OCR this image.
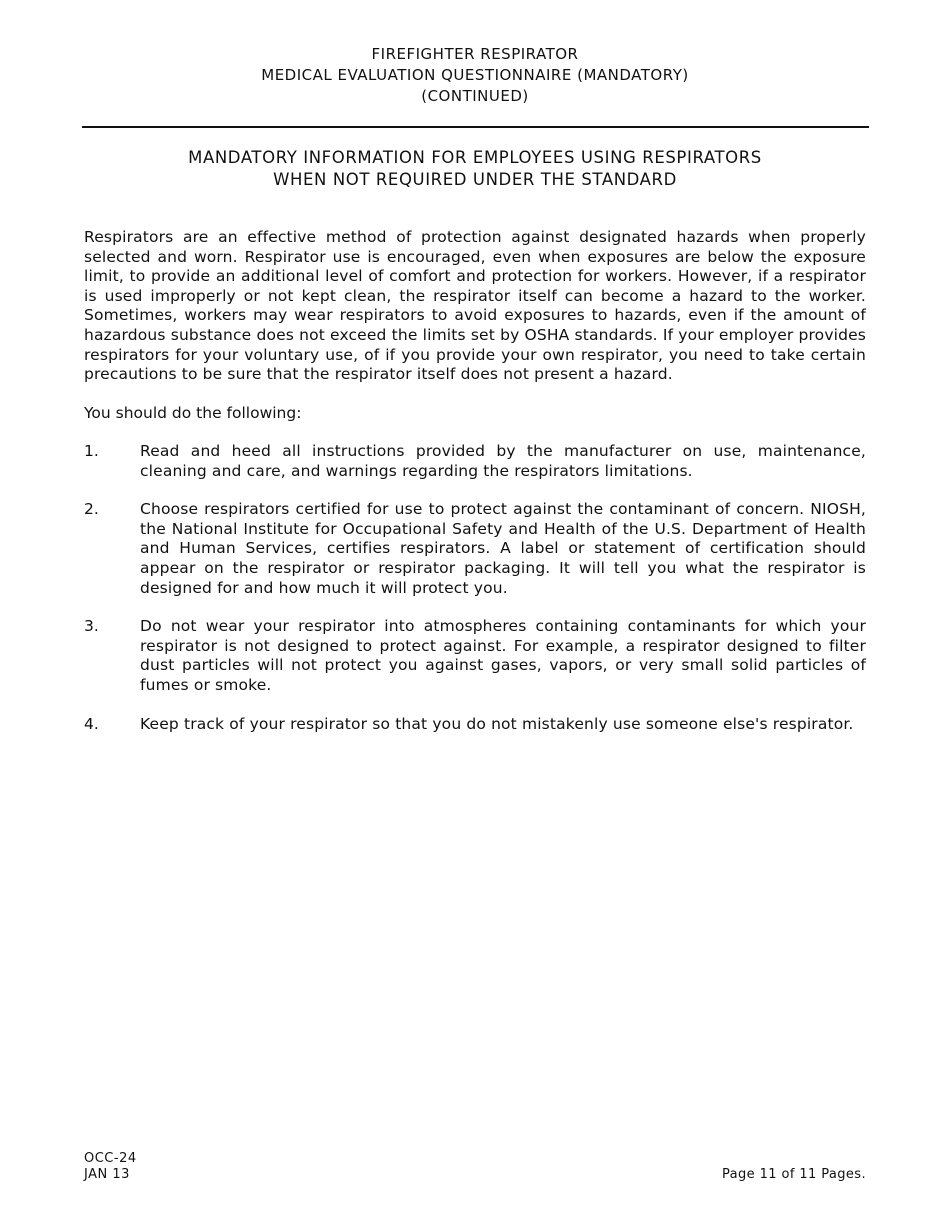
FIREFIGHTER RESPIRATOR
MEDICAL EVALUATION QUESTIONNAIRE (MANDATORY)
(CONTINUED)
MANDATORY INFORMATION FOR EMPLOYEES USING RESPIRATORS
WHEN NOT REQUIRED UNDER THE STANDARD
Respirators are an effective method of protection against designated hazards when properly selected and worn. Respirator use is encouraged, even when exposures are below the exposure limit, to provide an additional level of comfort and protection for workers. However, if a respirator is used improperly or not kept clean, the respirator itself can become a hazard to the worker. Sometimes, workers may wear respirators to avoid exposures to hazards, even if the amount of hazardous substance does not exceed the limits set by OSHA standards. If your employer provides respirators for your voluntary use, of if you provide your own respirator, you need to take certain precautions to be sure that the respirator itself does not present a hazard.
You should do the following:
1.	Read and heed all instructions provided by the manufacturer on use, maintenance, cleaning and care, and warnings regarding the respirators limitations.
2.	Choose respirators certified for use to protect against the contaminant of concern. NIOSH, the National Institute for Occupational Safety and Health of the U.S. Department of Health and Human Services, certifies respirators. A label or statement of certification should appear on the respirator or respirator packaging. It will tell you what the respirator is designed for and how much it will protect you.
3.	Do not wear your respirator into atmospheres containing contaminants for which your respirator is not designed to protect against. For example, a respirator designed to filter dust particles will not protect you against gases, vapors, or very small solid particles of fumes or smoke.
4.	Keep track of your respirator so that you do not mistakenly use someone else's respirator.
OCC-24
JAN 13	Page 11 of 11 Pages.
